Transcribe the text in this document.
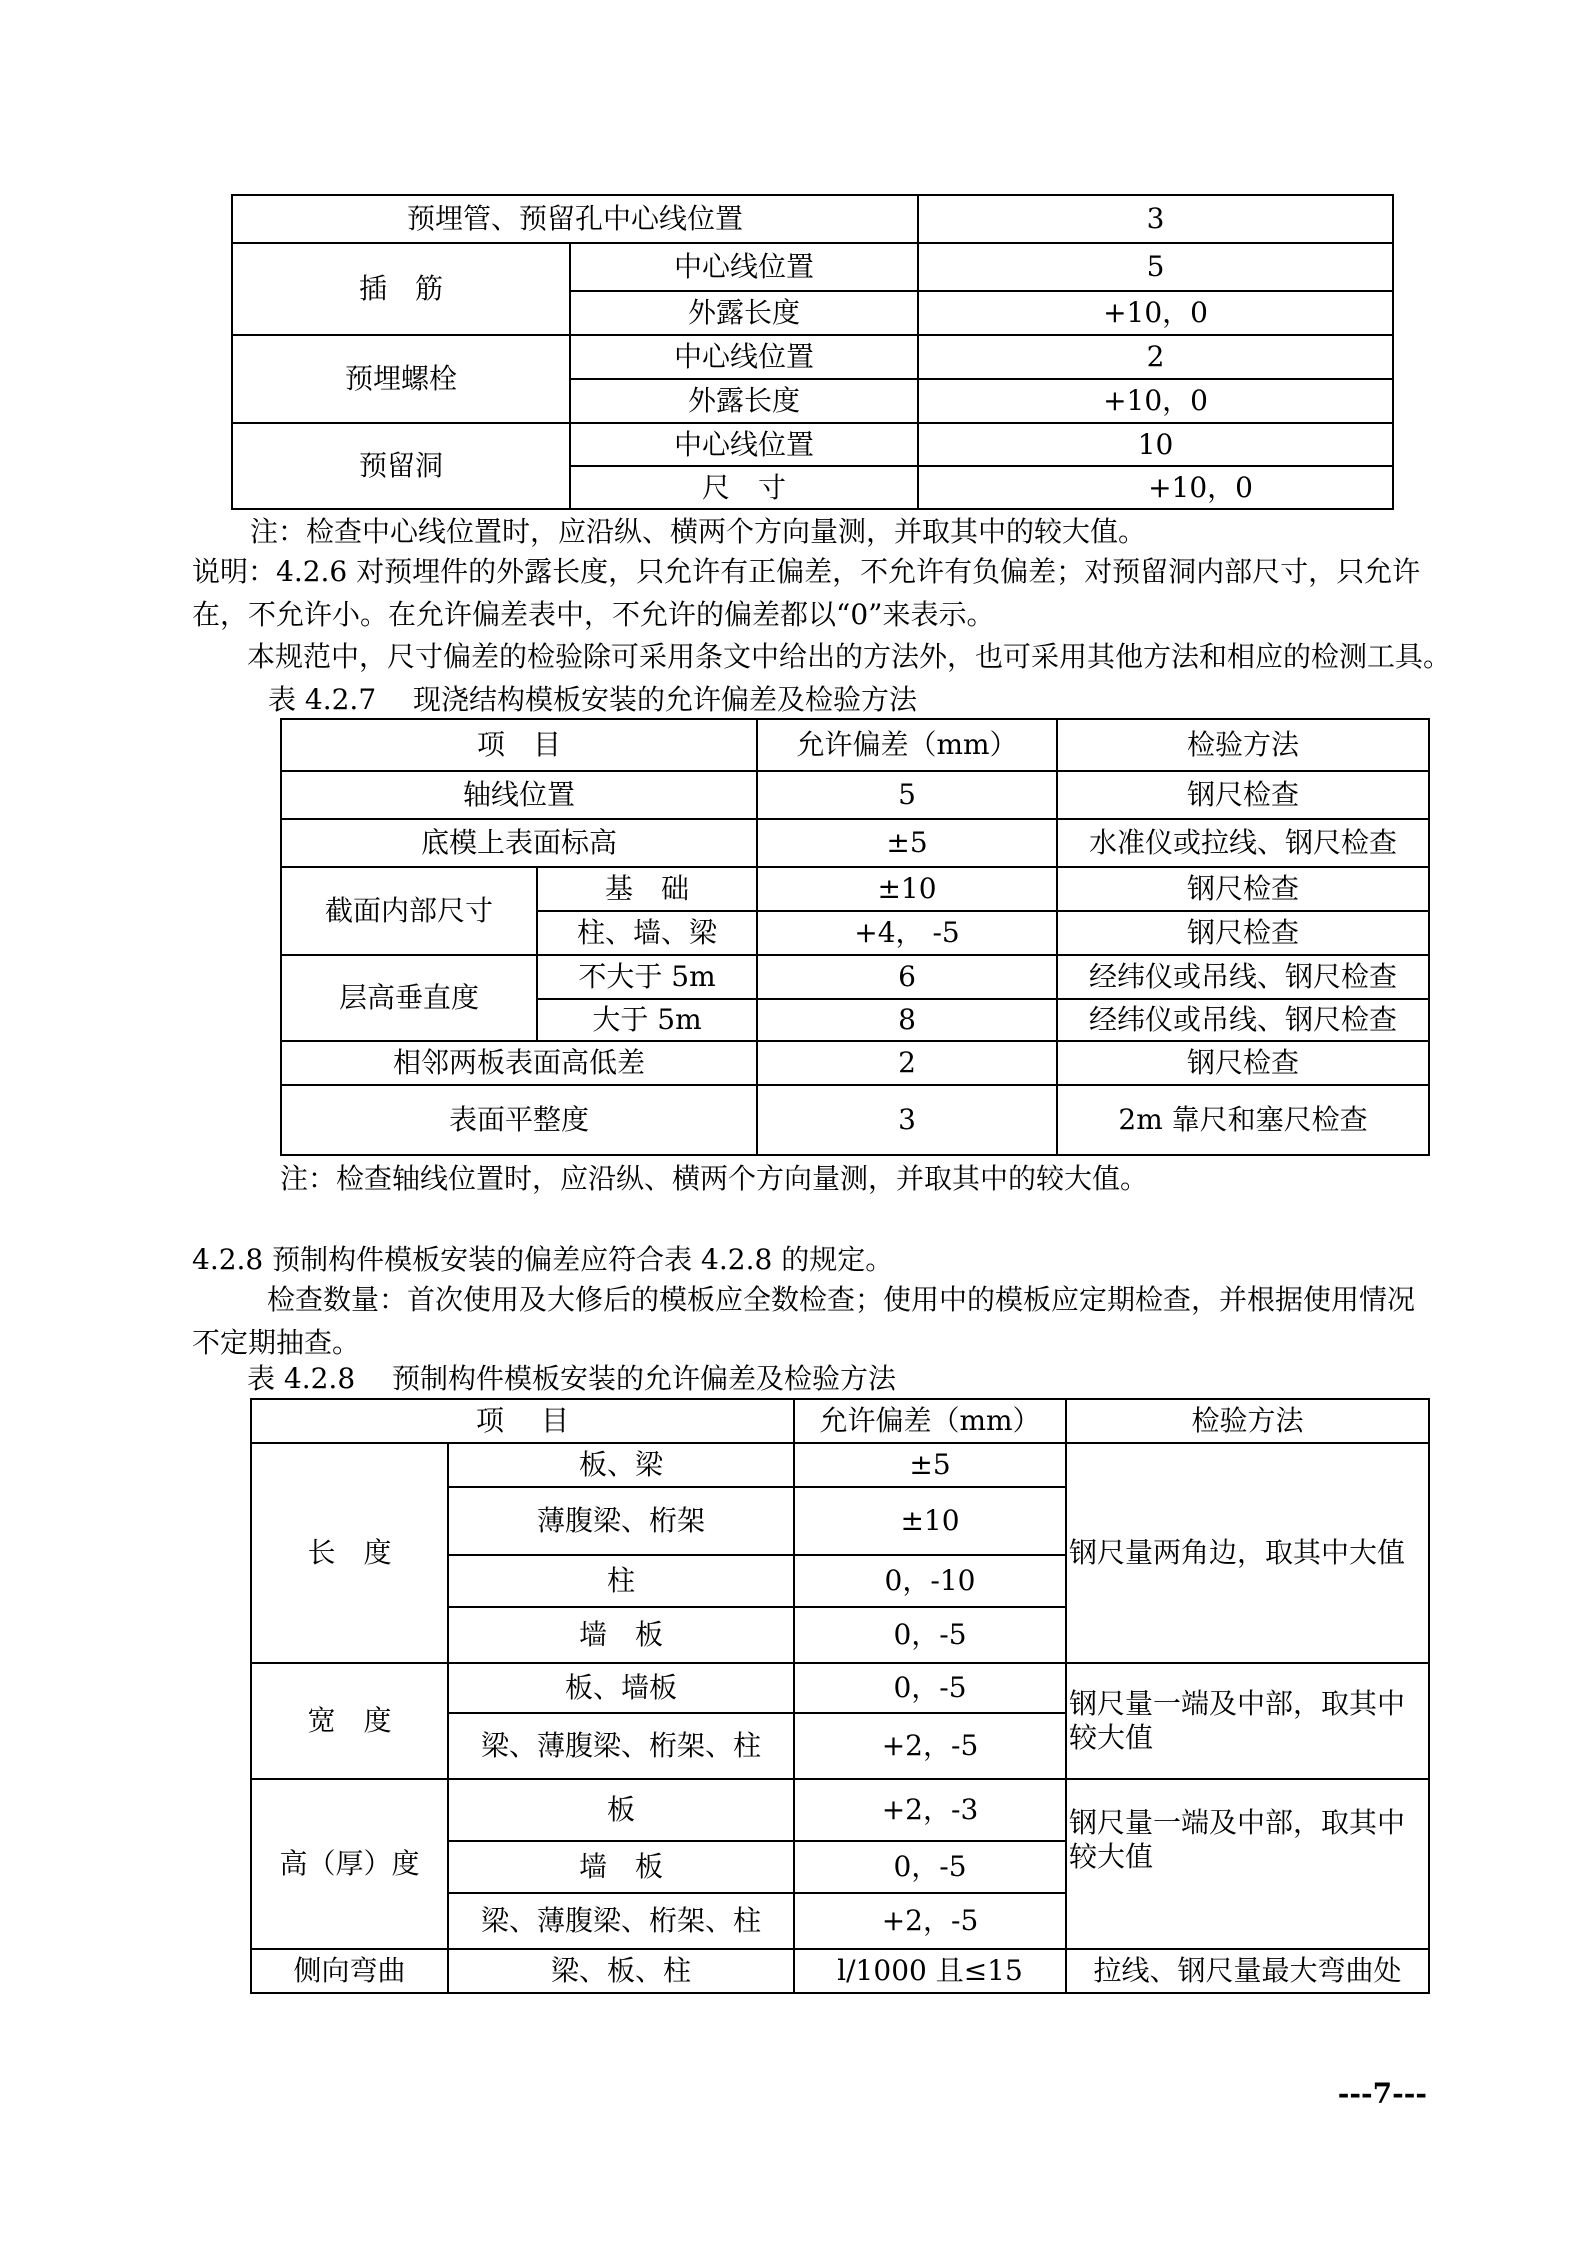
预埋管、预留孔中心线位置		3
插　筋	中心线位置	5
	外露长度	+10，0
预埋螺栓	中心线位置	2
	外露长度	+10，0
预留洞	中心线位置	10
	尺　寸	+10，0
注：检查中心线位置时，应沿纵、横两个方向量测，并取其中的较大值。
说明：4.2.6 对预埋件的外露长度，只允许有正偏差，不允许有负偏差；对预留洞内部尺寸，只允许在，不允许小。在允许偏差表中，不允许的偏差都以“0”来表示。
本规范中，尺寸偏差的检验除可采用条文中给出的方法外，也可采用其他方法和相应的检测工具。
表 4.2.7　 现浇结构模板安装的允许偏差及检验方法
项　目		允许偏差（mm）	检验方法
轴线位置		5	钢尺检查
底模上表面标高		±5	水准仪或拉线、钢尺检查
截面内部尺寸	基　础	±10	钢尺检查
	柱、墙、梁	+4， -5	钢尺检查
层高垂直度	不大于 5m	6	经纬仪或吊线、钢尺检查
	大于 5m	8	经纬仪或吊线、钢尺检查
相邻两板表面高低差		2	钢尺检查
表面平整度		3	2m 靠尺和塞尺检查
注：检查轴线位置时，应沿纵、横两个方向量测，并取其中的较大值。
4.2.8 预制构件模板安装的偏差应符合表 4.2.8 的规定。
检查数量：首次使用及大修后的模板应全数检查；使用中的模板应定期检查，并根据使用情况不定期抽查。
表 4.2.8　 预制构件模板安装的允许偏差及检验方法
项　 目		允许偏差（mm）	检验方法
长　度	板、梁	±5	钢尺量两角边，取其中大值
	薄腹梁、桁架	±10	
	柱	0，-10	
	墙　板	0，-5	
宽　度	板、墙板	0，-5	钢尺量一端及中部，取其中较大值
	梁、薄腹梁、桁架、柱	+2，-5	
高（厚）度	板	+2，-3	钢尺量一端及中部，取其中较大值
	墙　板	0，-5	
	梁、薄腹梁、桁架、柱	+2，-5	
侧向弯曲	梁、板、柱	l/1000 且≤15	拉线、钢尺量最大弯曲处
---7---
